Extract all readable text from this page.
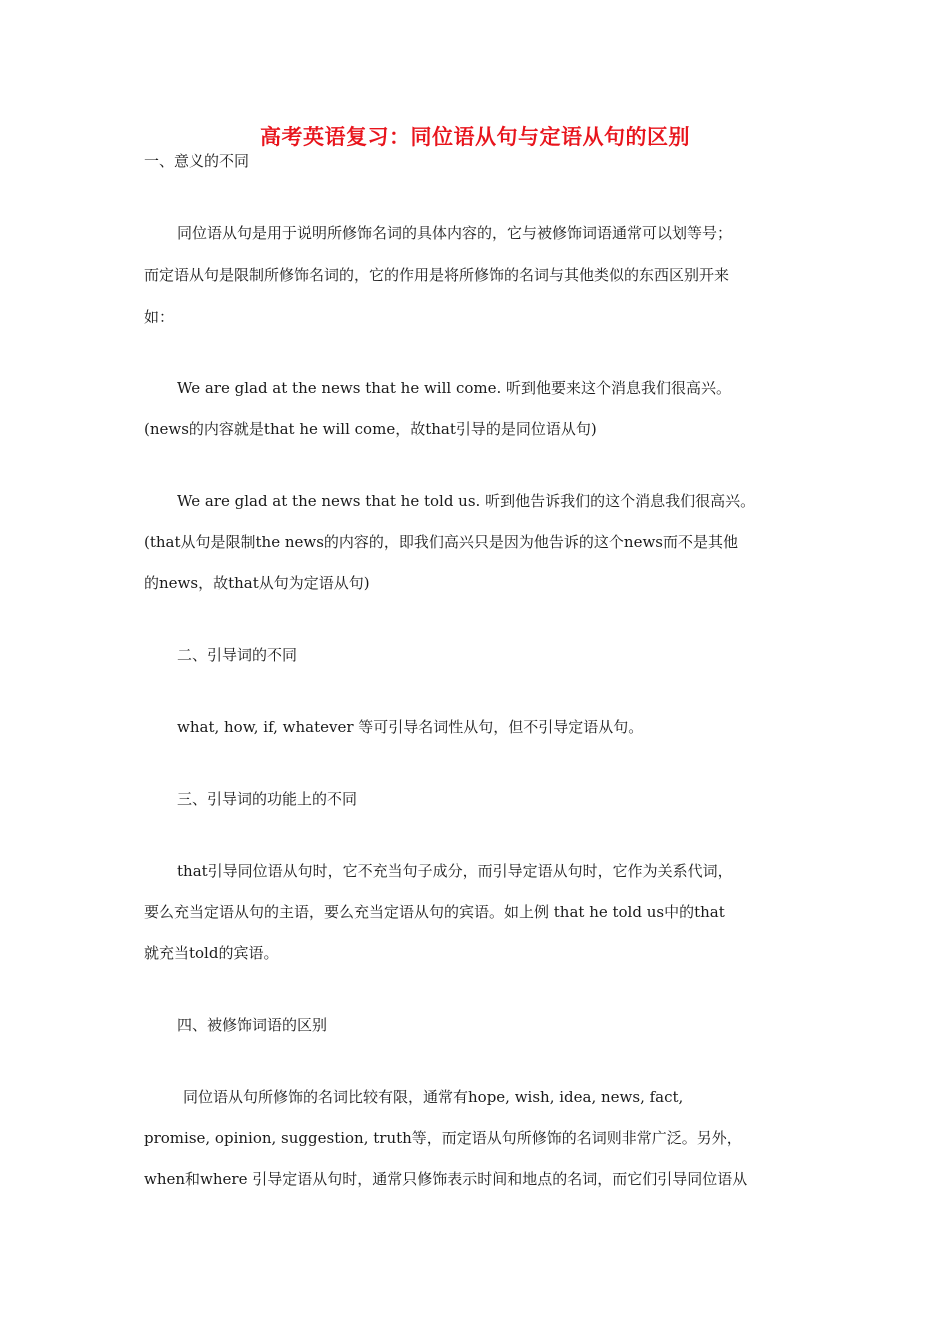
高考英语复习：同位语从句与定语从句的区别
一、意义的不同
同位语从句是用于说明所修饰名词的具体内容的，它与被修饰词语通常可以划等号；
而定语从句是限制所修饰名词的，它的作用是将所修饰的名词与其他类似的东西区别开来
如：
We are glad at the news that he will come. 听到他要来这个消息我们很高兴。
(news的内容就是that he will come，故that引导的是同位语从句)
We are glad at the news that he told us. 听到他告诉我们的这个消息我们很高兴。
(that从句是限制the news的内容的，即我们高兴只是因为他告诉的这个news而不是其他
的news，故that从句为定语从句)
二、引导词的不同
what, how, if, whatever 等可引导名词性从句，但不引导定语从句。
三、引导词的功能上的不同
that引导同位语从句时，它不充当句子成分，而引导定语从句时，它作为关系代词，
要么充当定语从句的主语，要么充当定语从句的宾语。如上例 that he told us中的that
就充当told的宾语。
四、被修饰词语的区别
同位语从句所修饰的名词比较有限，通常有hope, wish, idea, news, fact,
promise, opinion, suggestion, truth等，而定语从句所修饰的名词则非常广泛。另外，
when和where 引导定语从句时，通常只修饰表示时间和地点的名词，而它们引导同位语从
